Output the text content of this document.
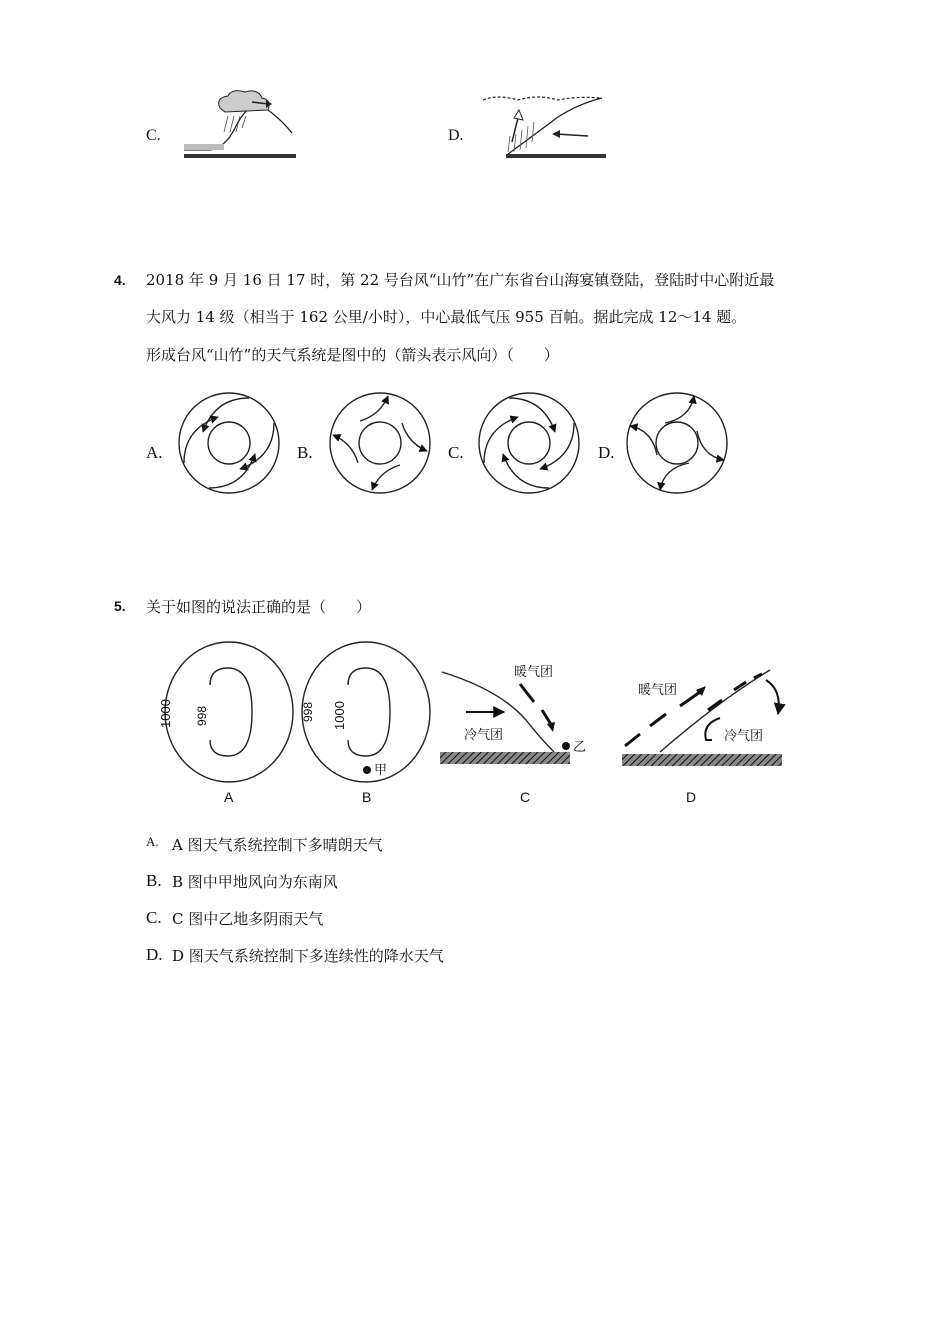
C.	D.
4. 2018 年 9 月 16 日 17 时，第 22 号台风“山竹”在广东省台山海宴镇登陆，登陆时中心附近最
大风力 14 级（相当于 162 公里/小时），中心最低气压 955 百帕。据此完成 12～14 题。
形成台风“山竹”的天气系统是图中的（箭头表示风向）（　　）
A.	B.	C.	D.
5. 关于如图的说法正确的是（　　）
1000 998
A
998 1000
甲
B
暖气团
冷气团
乙
C
暖气团
冷气团
D
A. A 图天气系统控制下多晴朗天气
B. B 图中甲地风向为东南风
C. C 图中乙地多阴雨天气
D. D 图天气系统控制下多连续性的降水天气
